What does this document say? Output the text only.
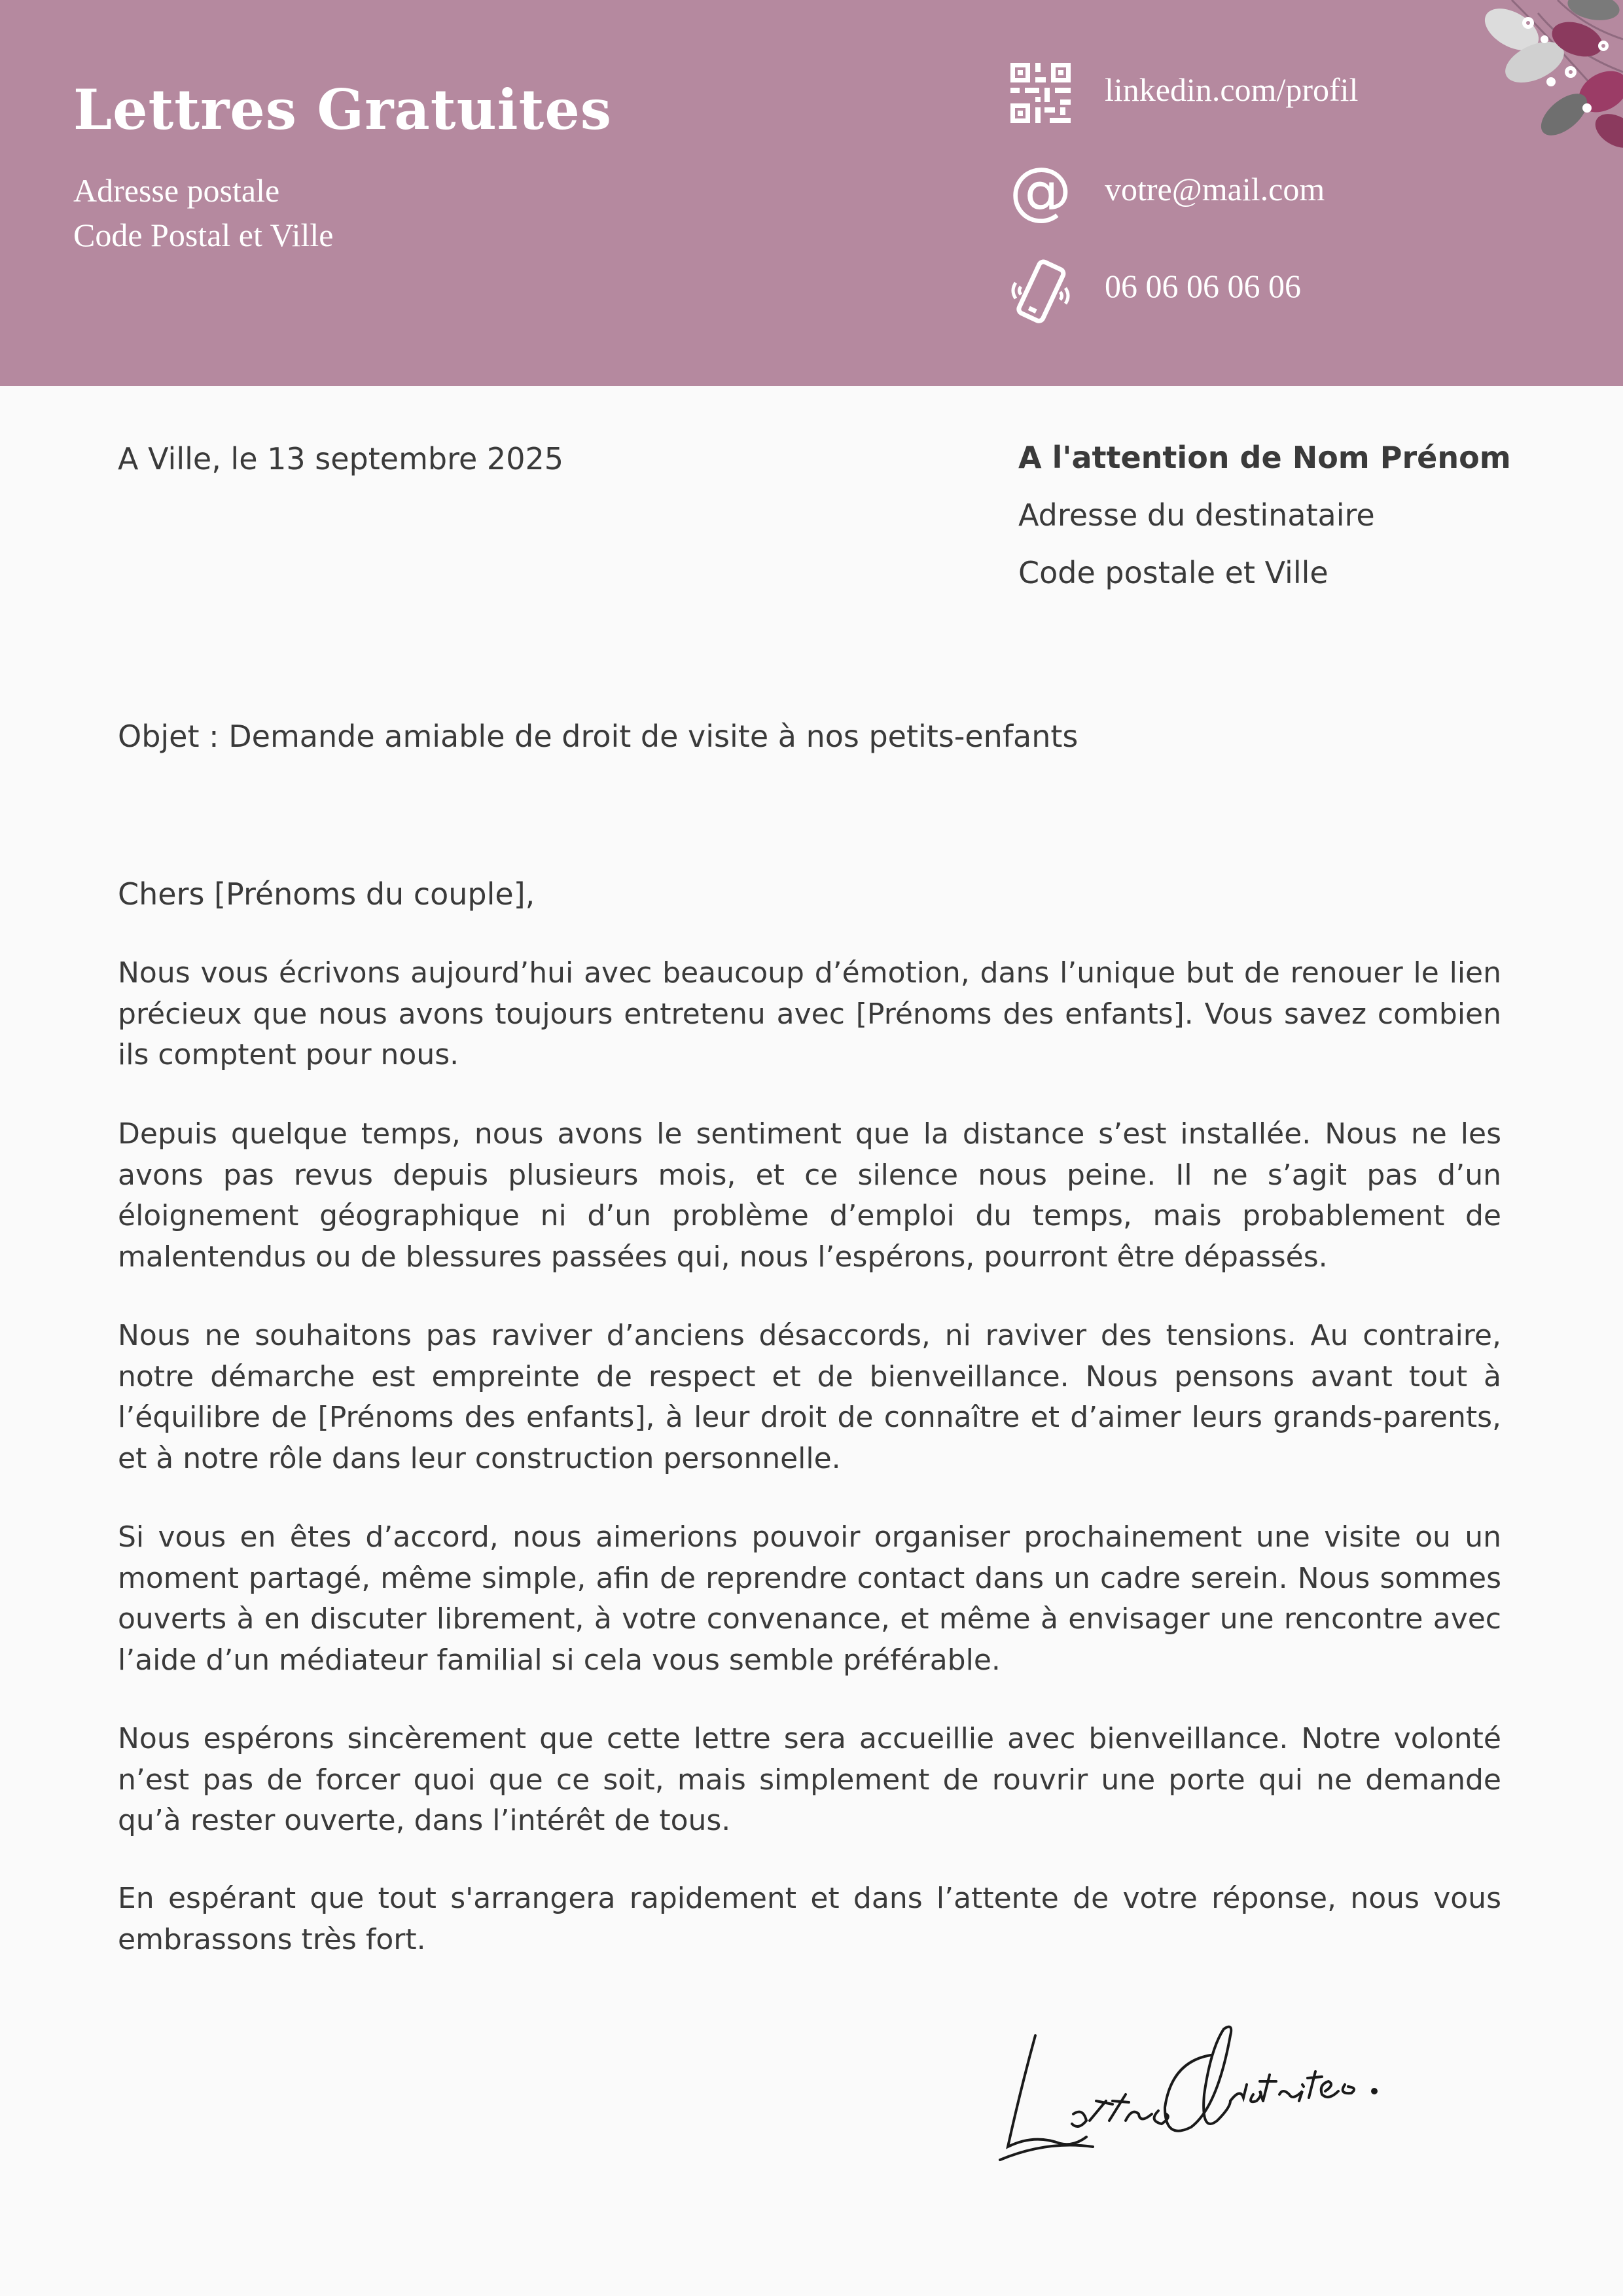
Lettres Gratuites
Adresse postale
Code Postal et Ville
linkedin.com/profil
@ votre@mail.com
06 06 06 06 06
A Ville, le 13 septembre 2025	A l'attention de Nom Prénom
Adresse du destinataire
Code postale et Ville
Objet : Demande amiable de droit de visite à nos petits-enfants
Chers [Prénoms du couple],

Nous vous écrivons aujourd’hui avec beaucoup d’émotion, dans l’unique but de renouer le lien précieux que nous avons toujours entretenu avec [Prénoms des enfants]. Vous savez combien ils comptent pour nous.

Depuis quelque temps, nous avons le sentiment que la distance s’est installée. Nous ne les avons pas revus depuis plusieurs mois, et ce silence nous peine. Il ne s’agit pas d’un éloignement géographique ni d’un problème d’emploi du temps, mais probablement de malentendus ou de blessures passées qui, nous l’espérons, pourront être dépassés.

Nous ne souhaitons pas raviver d’anciens désaccords, ni raviver des tensions. Au contraire, notre démarche est empreinte de respect et de bienveillance. Nous pensons avant tout à l’équilibre de [Prénoms des enfants], à leur droit de connaître et d’aimer leurs grands-parents, et à notre rôle dans leur construction personnelle.

Si vous en êtes d’accord, nous aimerions pouvoir organiser prochainement une visite ou un moment partagé, même simple, afin de reprendre contact dans un cadre serein. Nous sommes ouverts à en discuter librement, à votre convenance, et même à envisager une rencontre avec l’aide d’un médiateur familial si cela vous semble préférable.

Nous espérons sincèrement que cette lettre sera accueillie avec bienveillance. Notre volonté n’est pas de forcer quoi que ce soit, mais simplement de rouvrir une porte qui ne demande qu’à rester ouverte, dans l’intérêt de tous.

En espérant que tout s'arrangera rapidement et dans l’attente de votre réponse, nous vous embrassons très fort.
